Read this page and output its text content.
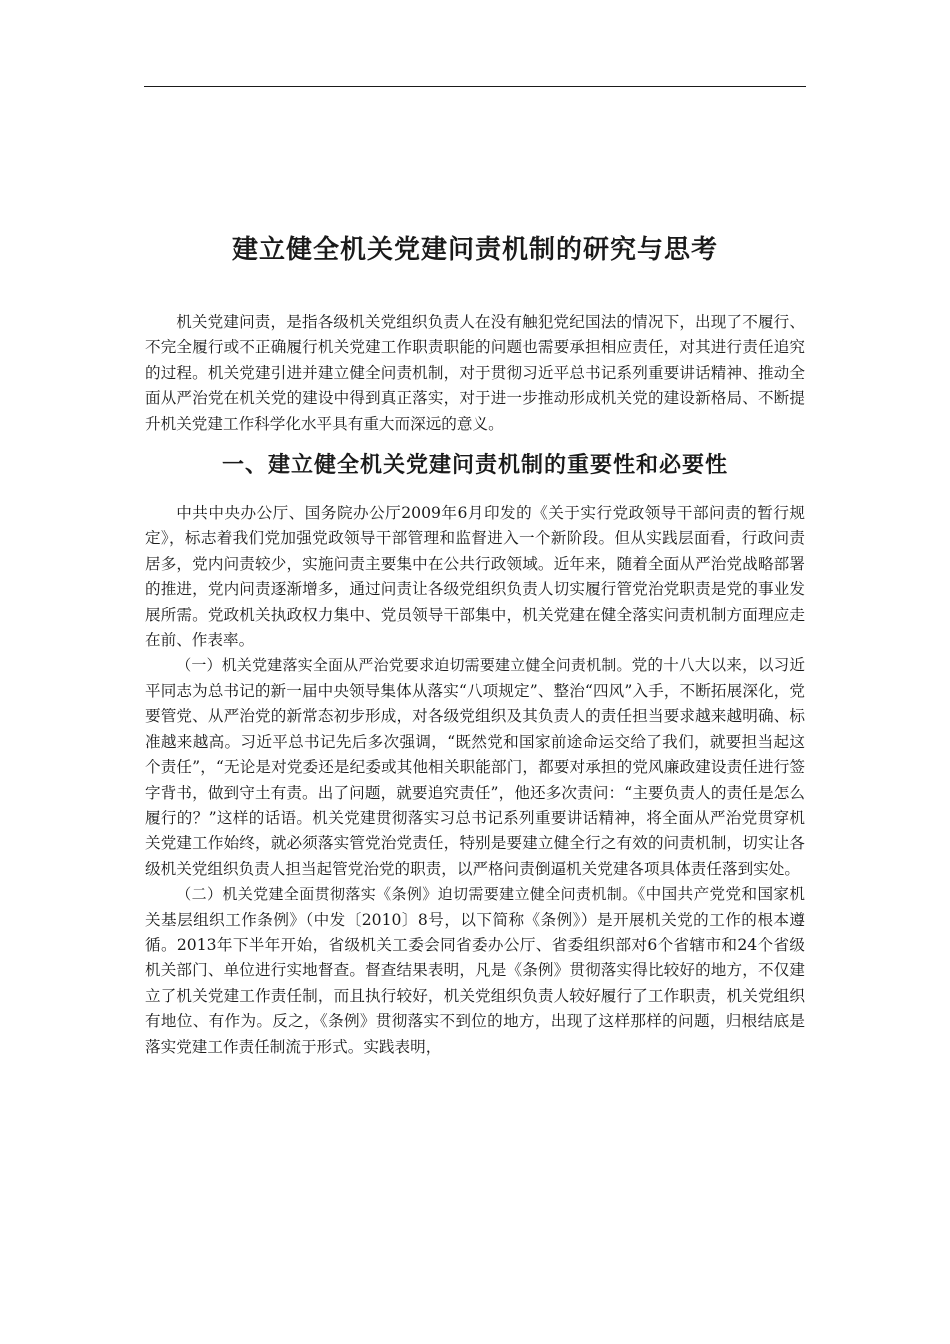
建立健全机关党建问责机制的研究与思考

机关党建问责，是指各级机关党组织负责人在没有触犯党纪国法的情况下，出现了不履行、不完全履行或不正确履行机关党建工作职责职能的问题也需要承担相应责任，对其进行责任追究的过程。机关党建引进并建立健全问责机制，对于贯彻习近平总书记系列重要讲话精神、推动全面从严治党在机关党的建设中得到真正落实，对于进一步推动形成机关党的建设新格局、不断提升机关党建工作科学化水平具有重大而深远的意义。

一、建立健全机关党建问责机制的重要性和必要性

中共中央办公厅、国务院办公厅2009年6月印发的《关于实行党政领导干部问责的暂行规定》，标志着我们党加强党政领导干部管理和监督进入一个新阶段。但从实践层面看，行政问责居多，党内问责较少，实施问责主要集中在公共行政领域。近年来，随着全面从严治党战略部署的推进，党内问责逐渐增多，通过问责让各级党组织负责人切实履行管党治党职责是党的事业发展所需。党政机关执政权力集中、党员领导干部集中，机关党建在健全落实问责机制方面理应走在前、作表率。

（一）机关党建落实全面从严治党要求迫切需要建立健全问责机制。党的十八大以来，以习近平同志为总书记的新一届中央领导集体从落实“八项规定”、整治“四风”入手，不断拓展深化，党要管党、从严治党的新常态初步形成，对各级党组织及其负责人的责任担当要求越来越明确、标准越来越高。习近平总书记先后多次强调，“既然党和国家前途命运交给了我们，就要担当起这个责任”，“无论是对党委还是纪委或其他相关职能部门，都要对承担的党风廉政建设责任进行签字背书，做到守土有责。出了问题，就要追究责任”，他还多次责问：“主要负责人的责任是怎么履行的？”这样的话语。机关党建贯彻落实习总书记系列重要讲话精神，将全面从严治党贯穿机关党建工作始终，就必须落实管党治党责任，特别是要建立健全行之有效的问责机制，切实让各级机关党组织负责人担当起管党治党的职责，以严格问责倒逼机关党建各项具体责任落到实处。

（二）机关党建全面贯彻落实《条例》迫切需要建立健全问责机制。《中国共产党党和国家机关基层组织工作条例》（中发〔2010〕8号，以下简称《条例》）是开展机关党的工作的根本遵循。2013年下半年开始，省级机关工委会同省委办公厅、省委组织部对6个省辖市和24个省级机关部门、单位进行实地督查。督查结果表明，凡是《条例》贯彻落实得比较好的地方，不仅建立了机关党建工作责任制，而且执行较好，机关党组织负责人较好履行了工作职责，机关党组织有地位、有作为。反之，《条例》贯彻落实不到位的地方，出现了这样那样的问题，归根结底是落实党建工作责任制流于形式。实践表明，
